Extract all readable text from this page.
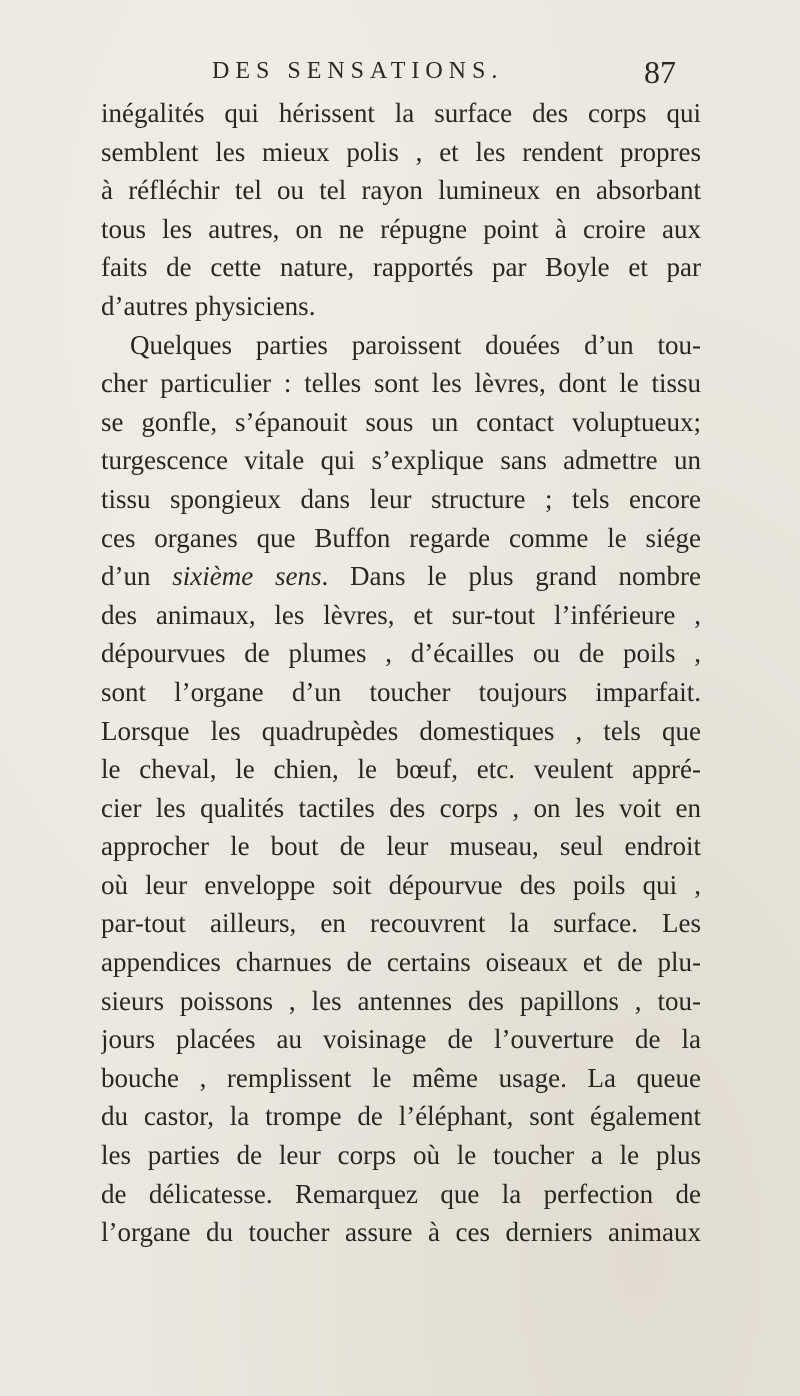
DES SENSATIONS.	87
inégalités qui hérissent la surface des corps qui
semblent les mieux polis , et les rendent propres
à réfléchir tel ou tel rayon lumineux en absorbant
tous les autres, on ne répugne point à croire aux
faits de cette nature, rapportés par Boyle et par
d’autres physiciens.
Quelques parties paroissent douées d’un tou-
cher particulier : telles sont les lèvres, dont le tissu
se gonfle, s’épanouit sous un contact voluptueux;
turgescence vitale qui s’explique sans admettre un
tissu spongieux dans leur structure ; tels encore
ces organes que Buffon regarde comme le siége
d’un sixième sens. Dans le plus grand nombre
des animaux, les lèvres, et sur-tout l’inférieure ,
dépourvues de plumes , d’écailles ou de poils ,
sont l’organe d’un toucher toujours imparfait.
Lorsque les quadrupèdes domestiques , tels que
le cheval, le chien, le bœuf, etc. veulent appré-
cier les qualités tactiles des corps , on les voit en
approcher le bout de leur museau, seul endroit
où leur enveloppe soit dépourvue des poils qui ,
par-tout ailleurs, en recouvrent la surface. Les
appendices charnues de certains oiseaux et de plu-
sieurs poissons , les antennes des papillons , tou-
jours placées au voisinage de l’ouverture de la
bouche , remplissent le même usage. La queue
du castor, la trompe de l’éléphant, sont également
les parties de leur corps où le toucher a le plus
de délicatesse. Remarquez que la perfection de
l’organe du toucher assure à ces derniers animaux
